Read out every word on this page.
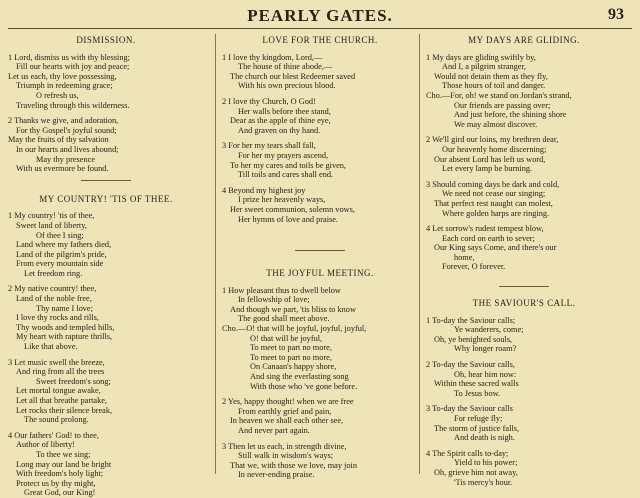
PEARLY GATES.	93
DISMISSION.
1 Lord, dismiss us with thy blessing;
Fill our hearts with joy and peace;
Let us each, thy love possessing,
Triumph in redeeming grace;
O refresh us,
Traveling through this wilderness.
2 Thanks we give, and adoration,
For thy Gospel's joyful sound;
May the fruits of thy salvation
In our hearts and lives abound;
May thy presence
With us evermore be found.
MY COUNTRY! 'TIS OF THEE.
1 My country! 'tis of thee,
Sweet land of liberty,
Of thee I sing;
Land where my fathers died,
Land of the pilgrim's pride,
From every mountain side
Let freedom ring.
2 My native country! thee,
Land of the noble free,
Thy name I love;
I love thy rocks and rills,
Thy woods and templed hills,
My heart with rapture thrills,
Like that above.
3 Let music swell the breeze,
And ring from all the trees
Sweet freedom's song;
Let mortal tongue awake,
Let all that breathe partake,
Let rocks their silence break,
The sound prolong.
4 Our fathers' God! to thee,
Author of liberty!
To thee we sing;
Long may our land be bright
With freedom's holy light;
Protect us by thy might,
Great God, our King!
LOVE FOR THE CHURCH.
1 I love thy kingdom, Lord,—
The house of thine abode,—
The church our blest Redeemer saved
With his own precious blood.
2 I love thy Church, O God!
Her walls before thee stand,
Dear as the apple of thine eye,
And graven on thy hand.
3 For her my tears shall fall,
For her my prayers ascend,
To her my cares and toils be given,
Till toils and cares shall end.
4 Beyond my highest joy
I prize her heavenly ways,
Her sweet communion, solemn vows,
Her hymns of love and praise.
THE JOYFUL MEETING.
1 How pleasant thus to dwell below
In fellowship of love;
And though we part, 'tis bliss to know
The good shall meet above.
Cho.—O! that will be joyful, joyful, joyful,
O! that will be joyful,
To meet to part no more,
To meet to part no more,
On Canaan's happy shore,
And sing the everlasting song
With those who 've gone before.
2 Yes, happy thought! when we are free
From earthly grief and pain,
In heaven we shall each other see,
And never part again.
3 Then let us each, in strength divine,
Still walk in wisdom's ways;
That we, with those we love, may join
In never-ending praise.
MY DAYS ARE GLIDING.
1 My days are gliding swiftly by,
And I, a pilgrim stranger,
Would not detain them as they fly,
Those hours of toil and danger.
Cho.—For, oh! we stand on Jordan's strand,
Our friends are passing over;
And just before, the shining shore
We may almost discover.
2 We'll gird our loins, my brethren dear,
Our heavenly home discerning;
Our absent Lord has left us word,
Let every lamp be burning.
3 Should coming days be dark and cold,
We need not cease our singing;
That perfect rest naught can molest,
Where golden harps are ringing.
4 Let sorrow's rudest tempest blow,
Each cord on earth to sever;
Our King says Come, and there's our
home,
Forever, O forever.
THE SAVIOUR'S CALL.
1 To-day the Saviour calls;
Ye wanderers, come;
Oh, ye benighted souls,
Why longer roam?
2 To-day the Saviour calls,
Oh, hear him now:
Within these sacred walls
To Jesus bow.
3 To-day the Saviour calls
For refuge fly;
The storm of justice falls,
And death is nigh.
4 The Spirit calls to-day;
Yield to his power;
Oh, grieve him not away,
'Tis mercy's hour.
